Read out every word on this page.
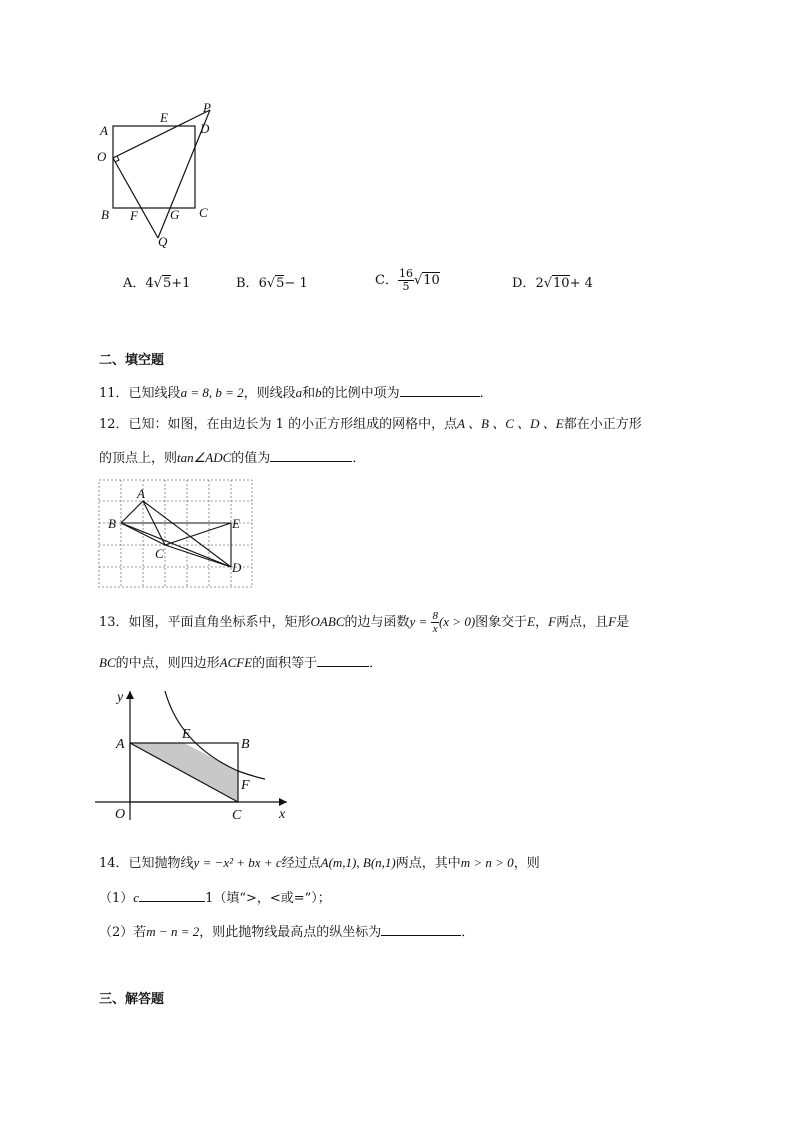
A
E
P
D
O
B F G C
Q
A．4√5+1	B．6√5− 1	C． $\frac{16}{5} √10$	D．2√10+ 4
二、填空题
11．已知线段a = 8, b = 2，则线段a和b的比例中项为	．
12．已知：如图，在由边长为 1 的小正方形组成的网格中，点A 、B 、C 、D 、E都在小正方形
的顶点上，则tan∠ADC的值为	．
A
B
C
D
E
13．如图，平面直角坐标系中，矩形OABC的边与函数$y = \frac{8}{x} (x > 0)$图象交于E，F两点，且F是
BC的中点，则四边形ACFE的面积等于	．
y
A
E
B
F
O	C	x
14．已知抛物线y = −x² + bx + c经过点A(m,1), B(n,1)两点，其中m > n > 0，则
（1）c	1（填“>，<或=”）；
（2）若m − n = 2，则此抛物线最高点的纵坐标为	．
三、解答题
